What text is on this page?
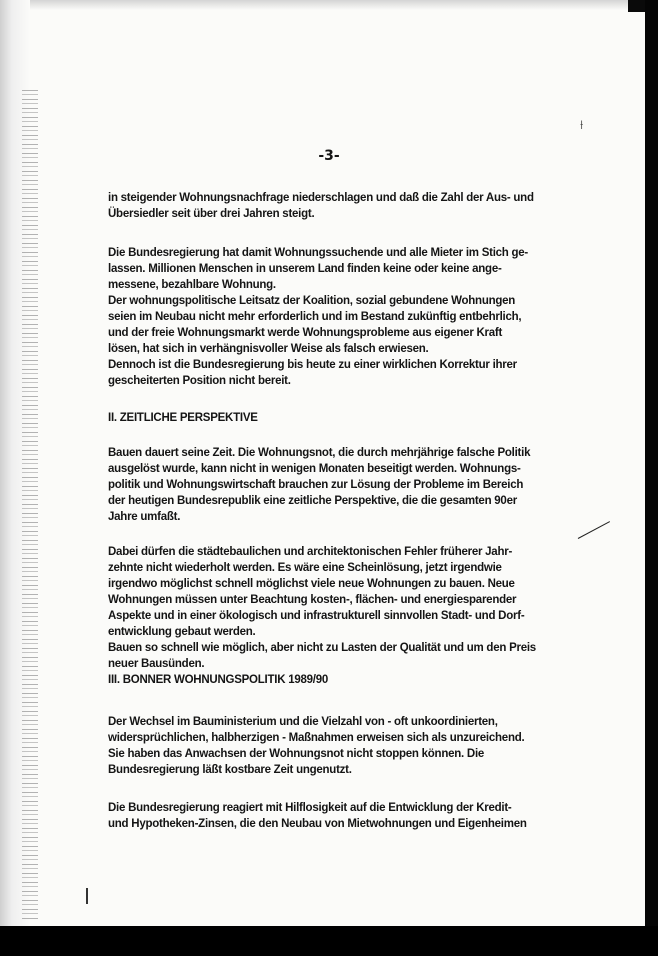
⟊
-3-
in steigender Wohnungsnachfrage niederschlagen und daß die Zahl der Aus- und
Übersiedler seit über drei Jahren steigt.
Die Bundesregierung hat damit Wohnungssuchende und alle Mieter im Stich ge-
lassen. Millionen Menschen in unserem Land finden keine oder keine ange-
messene, bezahlbare Wohnung.
Der wohnungspolitische Leitsatz der Koalition, sozial gebundene Wohnungen
seien im Neubau nicht mehr erforderlich und im Bestand zukünftig entbehrlich,
und der freie Wohnungsmarkt werde Wohnungsprobleme aus eigener Kraft
lösen, hat sich in verhängnisvoller Weise als falsch erwiesen.
Dennoch ist die Bundesregierung bis heute zu einer wirklichen Korrektur ihrer
gescheiterten Position nicht bereit.
II. ZEITLICHE PERSPEKTIVE
Bauen dauert seine Zeit. Die Wohnungsnot, die durch mehrjährige falsche Politik
ausgelöst wurde, kann nicht in wenigen Monaten beseitigt werden. Wohnungs-
politik und Wohnungswirtschaft brauchen zur Lösung der Probleme im Bereich
der heutigen Bundesrepublik eine zeitliche Perspektive, die die gesamten 90er
Jahre umfaßt.
Dabei dürfen die städtebaulichen und architektonischen Fehler früherer Jahr-
zehnte nicht wiederholt werden. Es wäre eine Scheinlösung, jetzt irgendwie
irgendwo möglichst schnell möglichst viele neue Wohnungen zu bauen. Neue
Wohnungen müssen unter Beachtung kosten-, flächen- und energiesparender
Aspekte und in einer ökologisch und infrastrukturell sinnvollen Stadt- und Dorf-
entwicklung gebaut werden.
Bauen so schnell wie möglich, aber nicht zu Lasten der Qualität und um den Preis
neuer Bausünden.
III. BONNER WOHNUNGSPOLITIK 1989/90
Der Wechsel im Bauministerium und die Vielzahl von - oft unkoordinierten,
widersprüchlichen, halbherzigen - Maßnahmen erweisen sich als unzureichend.
Sie haben das Anwachsen der Wohnungsnot nicht stoppen können. Die
Bundesregierung läßt kostbare Zeit ungenutzt.
Die Bundesregierung reagiert mit Hilflosigkeit auf die Entwicklung der Kredit-
und Hypotheken-Zinsen, die den Neubau von Mietwohnungen und Eigenheimen
